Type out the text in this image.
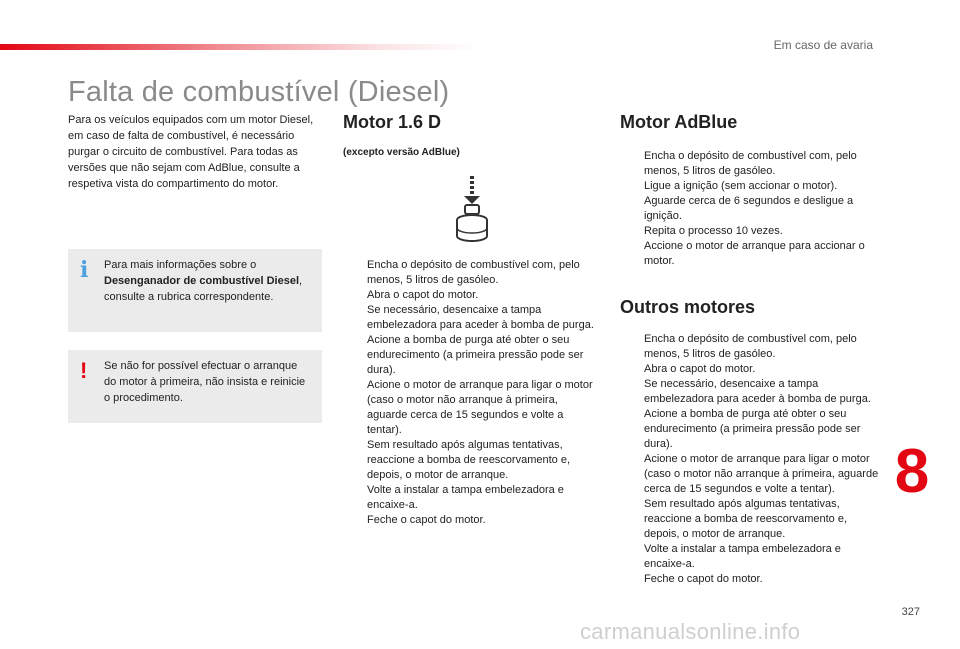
Em caso de avaria
Falta de combustível (Diesel)

Para os veículos equipados com um motor Diesel, em caso de falta de combustível, é necessário purgar o circuito de combustível. Para todas as versões que não sejam com AdBlue, consulte a respetiva vista do compartimento do motor.

i Para mais informações sobre o Desenganador de combustível Diesel, consulte a rubrica correspondente.
! Se não for possível efectuar o arranque do motor à primeira, não insista e reinicie o procedimento.
Motor 1.6 D

(excepto versão AdBlue)

Encha o depósito de combustível com, pelo menos, 5 litros de gasóleo.
Abra o capot do motor.
Se necessário, desencaixe a tampa embelezadora para aceder à bomba de purga.
Acione a bomba de purga até obter o seu endurecimento (a primeira pressão pode ser dura).
Acione o motor de arranque para ligar o motor (caso o motor não arranque à primeira, aguarde cerca de 15 segundos e volte a tentar).
Sem resultado após algumas tentativas, reaccione a bomba de reescorvamento e, depois, o motor de arranque.
Volte a instalar a tampa embelezadora e encaixe-a.
Feche o capot do motor.
Motor AdBlue
Encha o depósito de combustível com, pelo menos, 5 litros de gasóleo.
Ligue a ignição (sem accionar o motor).
Aguarde cerca de 6 segundos e desligue a ignição.
Repita o processo 10 vezes.
Accione o motor de arranque para accionar o motor.
Outros motores
Encha o depósito de combustível com, pelo menos, 5 litros de gasóleo.
Abra o capot do motor.
Se necessário, desencaixe a tampa embelezadora para aceder à bomba de purga.
Acione a bomba de purga até obter o seu endurecimento (a primeira pressão pode ser dura).
Acione o motor de arranque para ligar o motor (caso o motor não arranque à primeira, aguarde cerca de 15 segundos e volte a tentar).
Sem resultado após algumas tentativas, reaccione a bomba de reescorvamento e, depois, o motor de arranque.
Volte a instalar a tampa embelezadora e encaixe-a.
Feche o capot do motor.
8
327
carmanualsonline.info
